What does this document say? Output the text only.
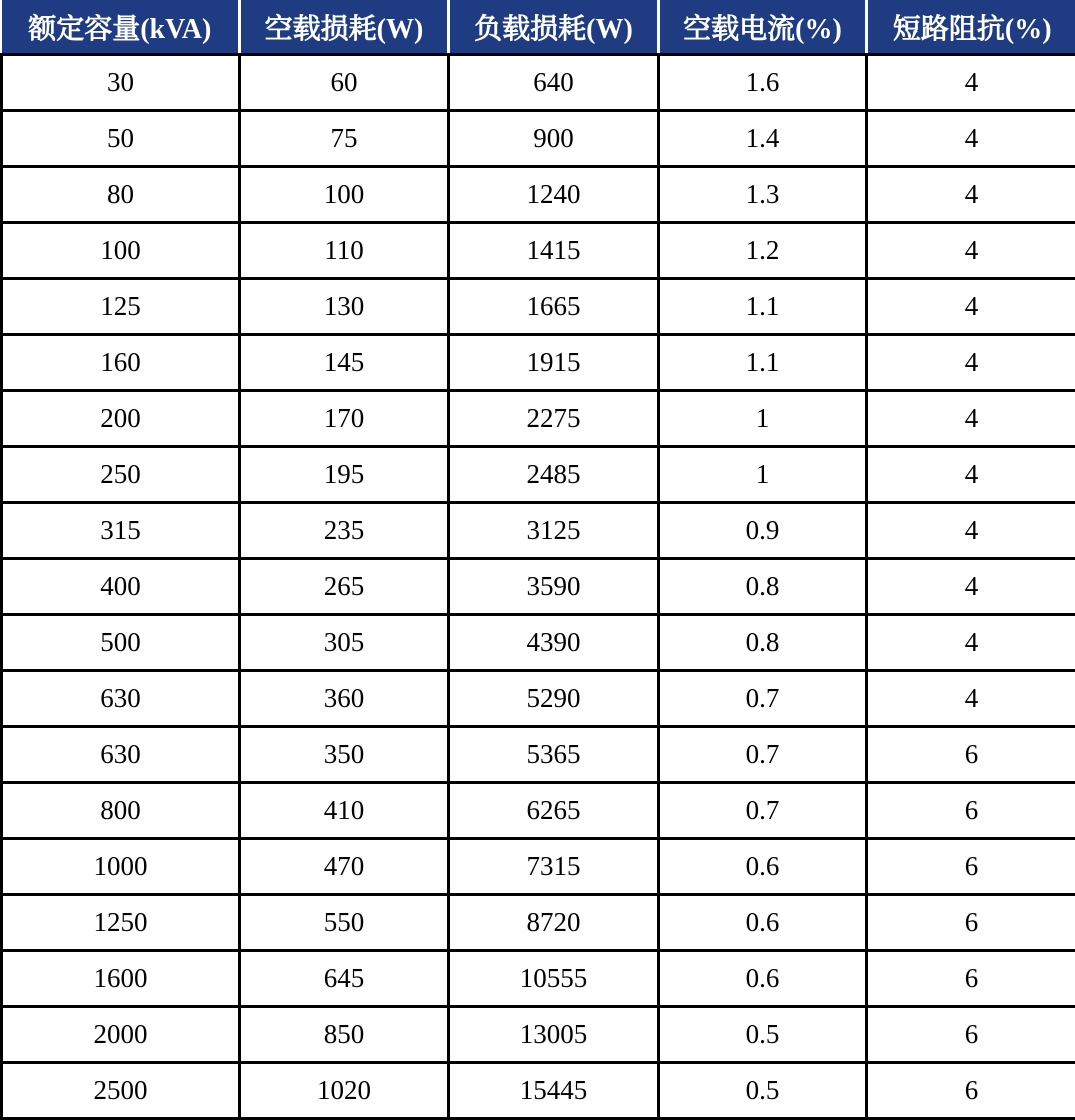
额定容量(kVA)	空载损耗(W)	负载损耗(W)	空载电流(%)	短路阻抗(%)
30	60	640	1.6	4
50	75	900	1.4	4
80	100	1240	1.3	4
100	110	1415	1.2	4
125	130	1665	1.1	4
160	145	1915	1.1	4
200	170	2275	1	4
250	195	2485	1	4
315	235	3125	0.9	4
400	265	3590	0.8	4
500	305	4390	0.8	4
630	360	5290	0.7	4
630	350	5365	0.7	6
800	410	6265	0.7	6
1000	470	7315	0.6	6
1250	550	8720	0.6	6
1600	645	10555	0.6	6
2000	850	13005	0.5	6
2500	1020	15445	0.5	6
